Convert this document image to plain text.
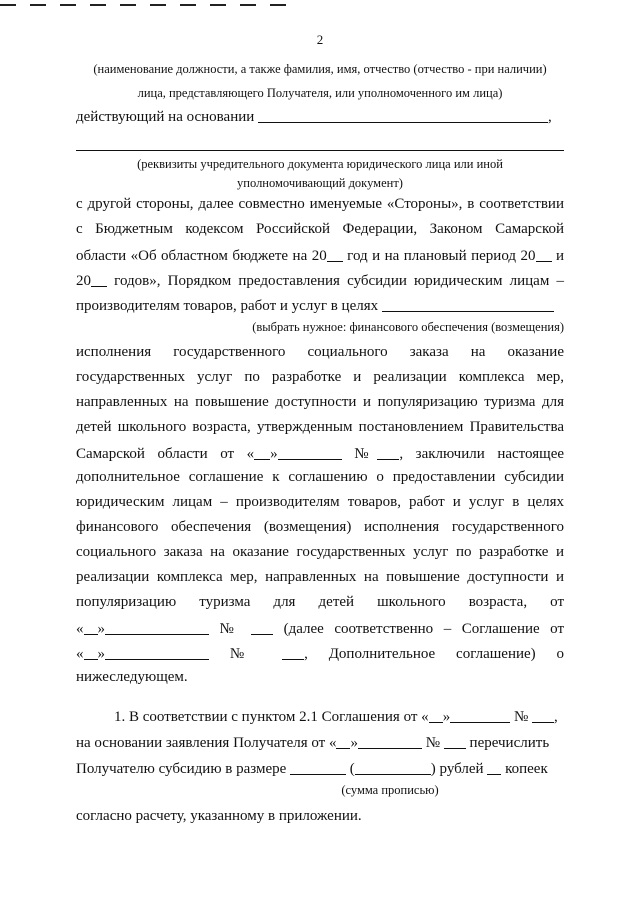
2
(наименование должности, а также фамилия, имя, отчество (отчество - при наличии)
лица, представляющего Получателя, или уполномоченного им лица)
действующий на основании	,
(реквизиты учредительного документа юридического лица или иной
уполномочивающий документ)
с другой стороны, далее совместно именуемые «Стороны», в соответствии
с Бюджетным кодексом Российской Федерации, Законом Самарской
области «Об областном бюджете на 20 год и на плановый период 20 и
20 годов», Порядком предоставления субсидии юридическим лицам –
производителям товаров, работ и услуг в целях
(выбрать нужное: финансового обеспечения (возмещения)
исполнения государственного социального заказа на оказание
государственных услуг по разработке и реализации комплекса мер,
направленных на повышение доступности и популяризацию туризма для
детей школьного возраста, утвержденным постановлением Правительства
Самарской области от « »	№ , заключили настоящее
дополнительное соглашение к соглашению о предоставлении субсидии
юридическим лицам – производителям товаров, работ и услуг в целях
финансового обеспечения (возмещения) исполнения государственного
социального заказа на оказание государственных услуг по разработке и
реализации комплекса мер, направленных на повышение доступности и
популяризацию туризма для детей школьного возраста, от
« »	№	(далее соответственно – Соглашение от
« »	№	, Дополнительное соглашение) о
нижеследующем.
1. В соответствии с пунктом 2.1 Соглашения от « »	№ ,
на основании заявления Получателя от « »	№  перечислить
Получателю субсидию в размере	(	) рублей  копеек
(сумма прописью)
согласно расчету, указанному в приложении.
